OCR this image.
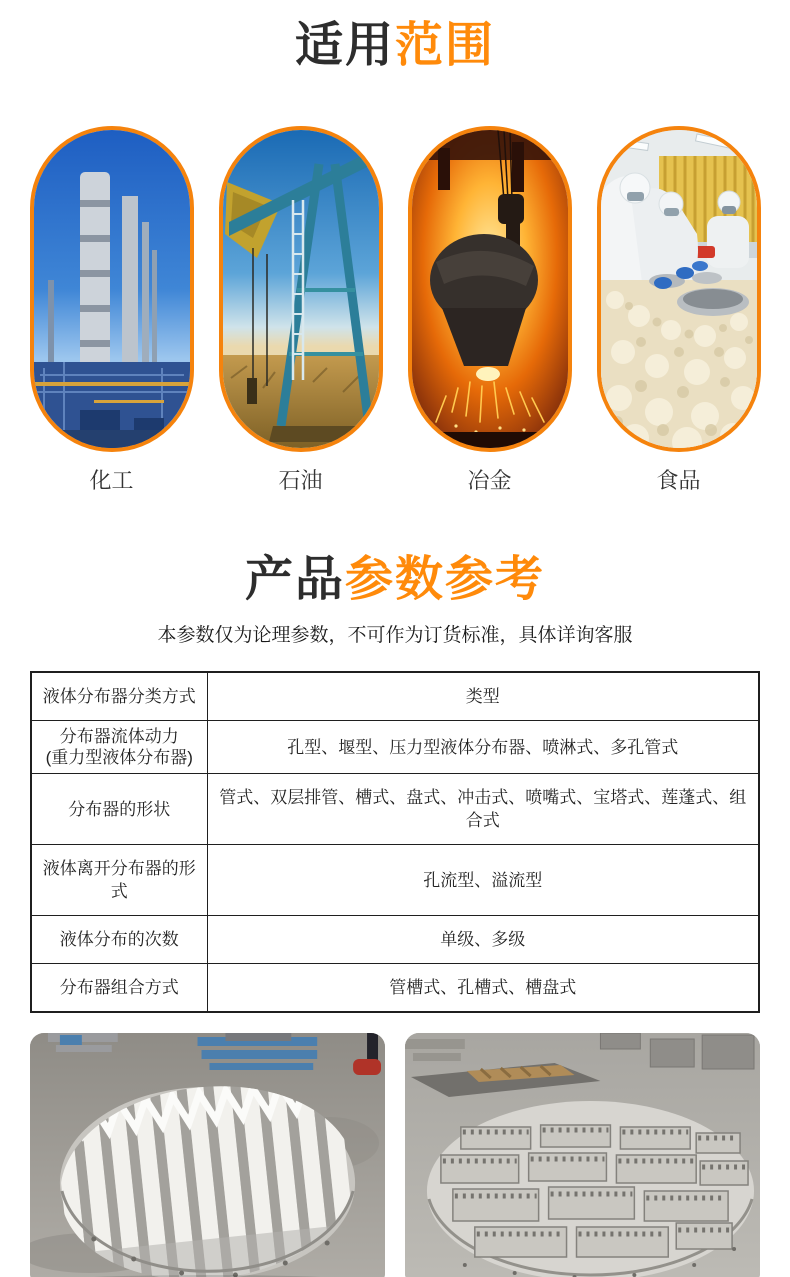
适用范围
化工	石油	冶金	食品
产品参数参考

本参数仅为论理参数，不可作为订货标准，具体详询客服

液体分布器分类方式	类型

分布器流体动力
(重力型液体分布器)	孔型、堰型、压力型液体分布器、喷淋式、多孔管式
分布器的形状	管式、双层排管、槽式、盘式、冲击式、喷嘴式、宝塔式、莲蓬式、组合式
液体离开分布器的形式	孔流型、溢流型
液体分布的次数	单级、多级
分布器组合方式	管槽式、孔槽式、槽盘式
